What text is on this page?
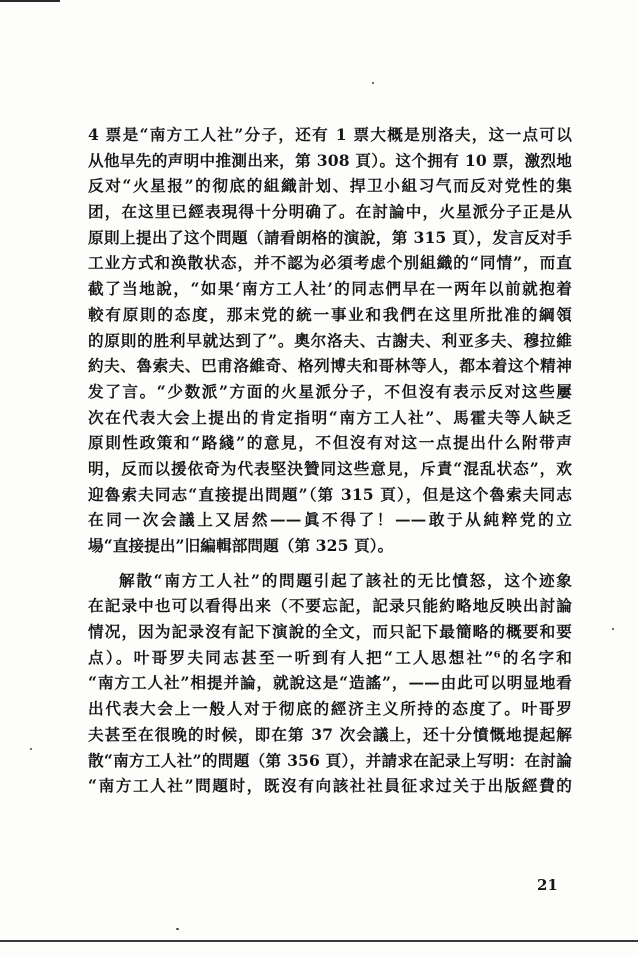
4 票是“南方工人社”分子，还有 1 票大概是別洛夫，这一点可以
从他早先的声明中推測出来，第 308 頁）。这个拥有 10 票，激烈地
反对“火星报”的彻底的組織計划、捍卫小組习气而反对党性的集
团，在这里已經表現得十分明确了。在討論中，火星派分子正是从
原則上提出了这个問題（請看朗格的演說，第 315 頁），发言反对手
工业方式和涣散状态，并不認为必須考虑个別組織的“同情”，而直
截了当地說，“如果‘南方工人社’的同志們早在一两年以前就抱着
較有原則的态度，那末党的統一事业和我們在这里所批准的綱領
的原則的胜利早就达到了”。奧尔洛夫、古謝夫、利亚多夫、穆拉維
約夫、魯索夫、巴甫洛維奇、格列博夫和哥林等人，都本着这个精神
发了言。“少数派”方面的火星派分子，不但沒有表示反对这些屢
次在代表大会上提出的肯定指明“南方工人社”、馬霍夫等人缺乏
原則性政策和“路綫”的意見，不但沒有对这一点提出什么附带声
明，反而以援依奇为代表堅決贊同这些意見，斥責“混乱状态”，欢
迎魯索夫同志“直接提出問題”（第 315 頁），但是这个魯索夫同志
在同一次会議上又居然——眞不得了！——敢于从純粹党的立
場“直接提出”旧編輯部問題（第 325 頁）。
解散“南方工人社”的問題引起了該社的无比憤怒，这个迹象
在記录中也可以看得出来（不要忘記，記录只能約略地反映出討論
情况，因为記录沒有記下演說的全文，而只記下最簡略的概要和要
点）。叶哥罗夫同志甚至一听到有人把“工人思想社”⁶的名字和
“南方工人社”相提并論，就說这是“造謠”，——由此可以明显地看
出代表大会上一般人对于彻底的經济主义所持的态度了。叶哥罗
夫甚至在很晚的时候，即在第 37 次会議上，还十分憤慨地提起解
散“南方工人社”的問題（第 356 頁），并請求在記录上写明：在討論
“南方工人社”問題时，既沒有向該社社員征求过关于出版經費的
21
